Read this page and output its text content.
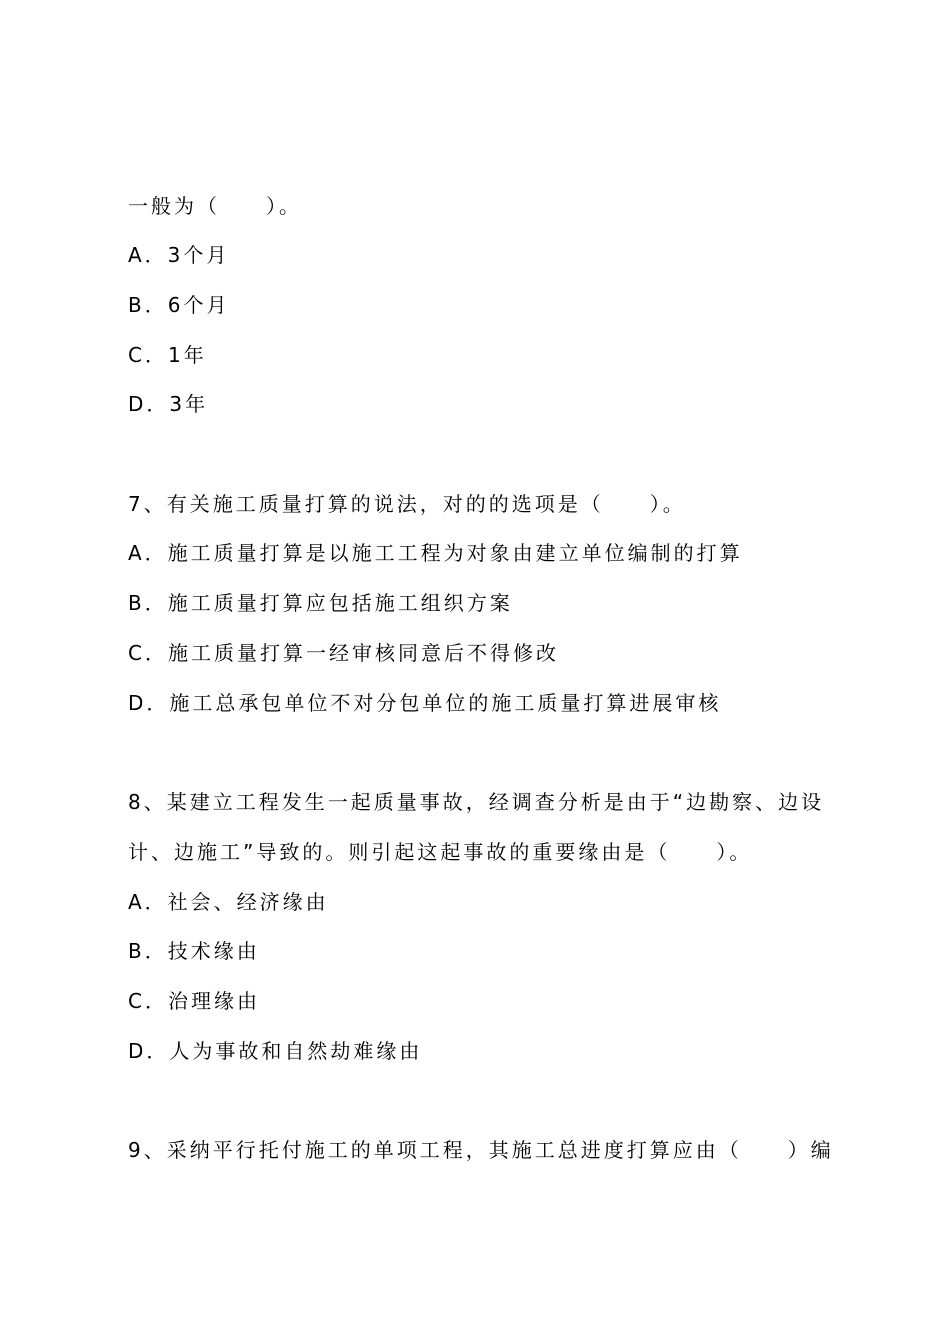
一般为（　　）。
A．3个月
B．6个月
C．1年
D．3年
7、有关施工质量打算的说法，对的的选项是（　　）。
A．施工质量打算是以施工工程为对象由建立单位编制的打算
B．施工质量打算应包括施工组织方案
C．施工质量打算一经审核同意后不得修改
D．施工总承包单位不对分包单位的施工质量打算进展审核
8、某建立工程发生一起质量事故，经调查分析是由于“边勘察、边设
计、边施工”导致的。则引起这起事故的重要缘由是（　　）。
A．社会、经济缘由
B．技术缘由
C．治理缘由
D．人为事故和自然劫难缘由
9、采纳平行托付施工的单项工程，其施工总进度打算应由（　　）编
